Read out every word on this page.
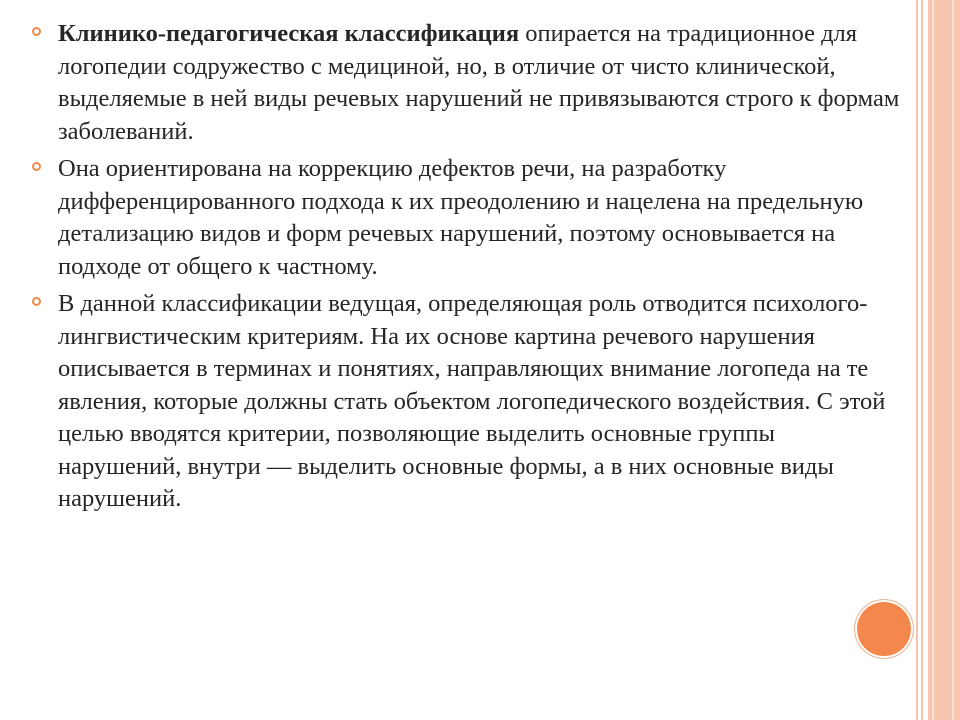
Клинико-педагогическая классификация опирается на традиционное для логопедии содружество с медициной, но, в отличие от чисто клинической, выделяемые в ней виды речевых нарушений не привязываются строго к формам заболеваний.
Она ориентирована на коррекцию дефектов речи, на разработку дифференцированного подхода к их преодолению и нацелена на предельную детализацию видов и форм речевых нарушений, поэтому основывается на подходе от общего к частному.
В данной классификации ведущая, определяющая роль отводится психолого-лингвистическим критериям. На их основе картина речевого нарушения описывается в терминах и понятиях, направляющих внимание логопеда на те явления, которые должны стать объектом логопедического воздействия. С этой целью вводятся критерии, позволяющие выделить основные группы нарушений, внутри — выделить основные формы, а в них основные виды нарушений.
